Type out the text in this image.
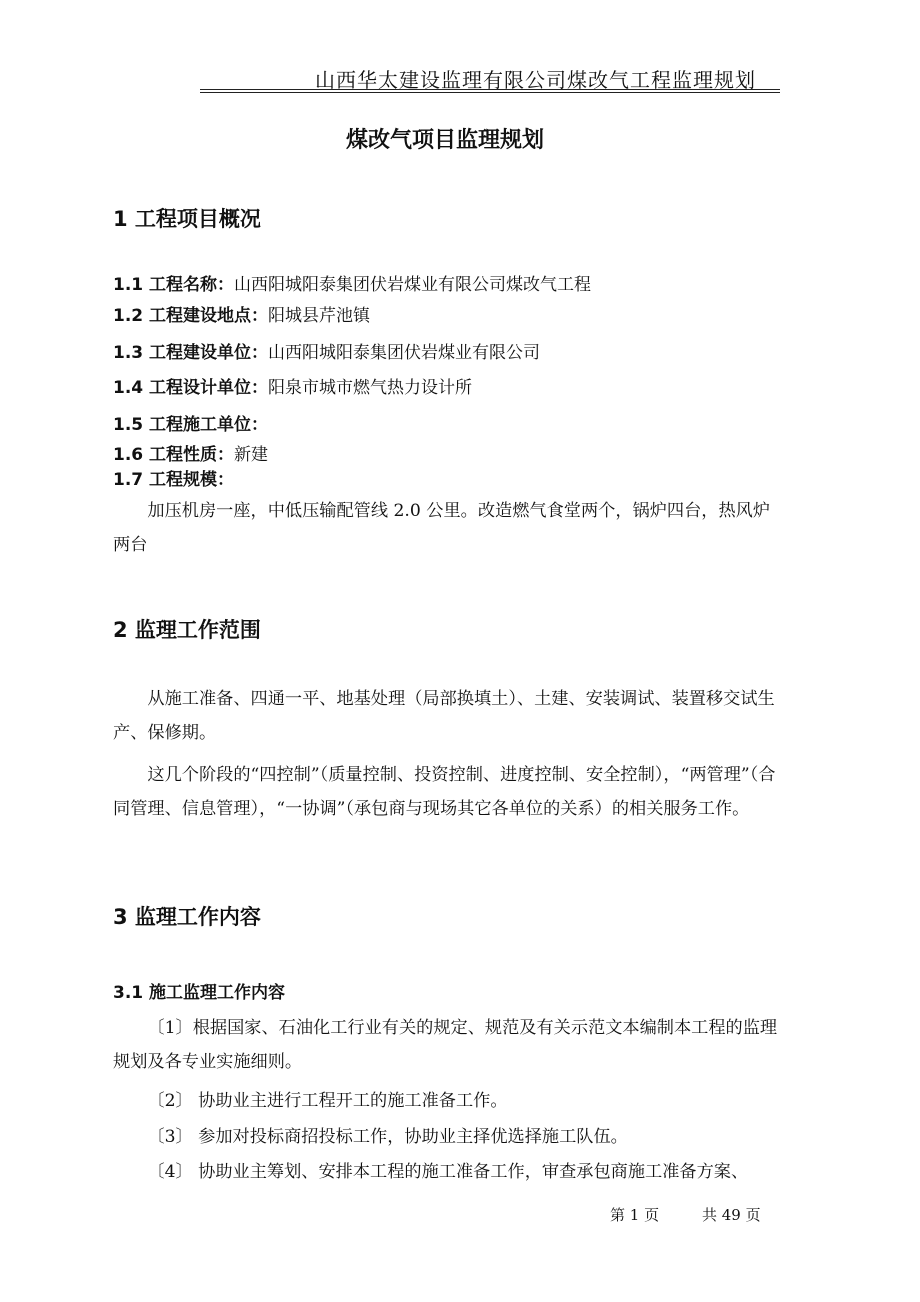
山西华太建设监理有限公司煤改气工程监理规划
煤改气项目监理规划
1 工程项目概况
1.1 工程名称：山西阳城阳泰集团伏岩煤业有限公司煤改气工程
1.2 工程建设地点：阳城县芹池镇
1.3 工程建设单位：山西阳城阳泰集团伏岩煤业有限公司
1.4 工程设计单位：阳泉市城市燃气热力设计所
1.5 工程施工单位：
1.6 工程性质：新建
1.7 工程规模：
加压机房一座，中低压输配管线 2.0 公里。改造燃气食堂两个，锅炉四台，热风炉两台
2 监理工作范围
从施工准备、四通一平、地基处理（局部换填土）、土建、安装调试、装置移交试生产、保修期。
这几个阶段的“四控制”（质量控制、投资控制、进度控制、安全控制），“两管理”（合同管理、信息管理），“一协调”（承包商与现场其它各单位的关系）的相关服务工作。
3 监理工作内容
3.1 施工监理工作内容
〔1〕根据国家、石油化工行业有关的规定、规范及有关示范文本编制本工程的监理规划及各专业实施细则。
〔2〕 协助业主进行工程开工的施工准备工作。
〔3〕 参加对投标商招投标工作，协助业主择优选择施工队伍。
〔4〕 协助业主筹划、安排本工程的施工准备工作，审查承包商施工准备方案、
第 1 页	共 49 页
